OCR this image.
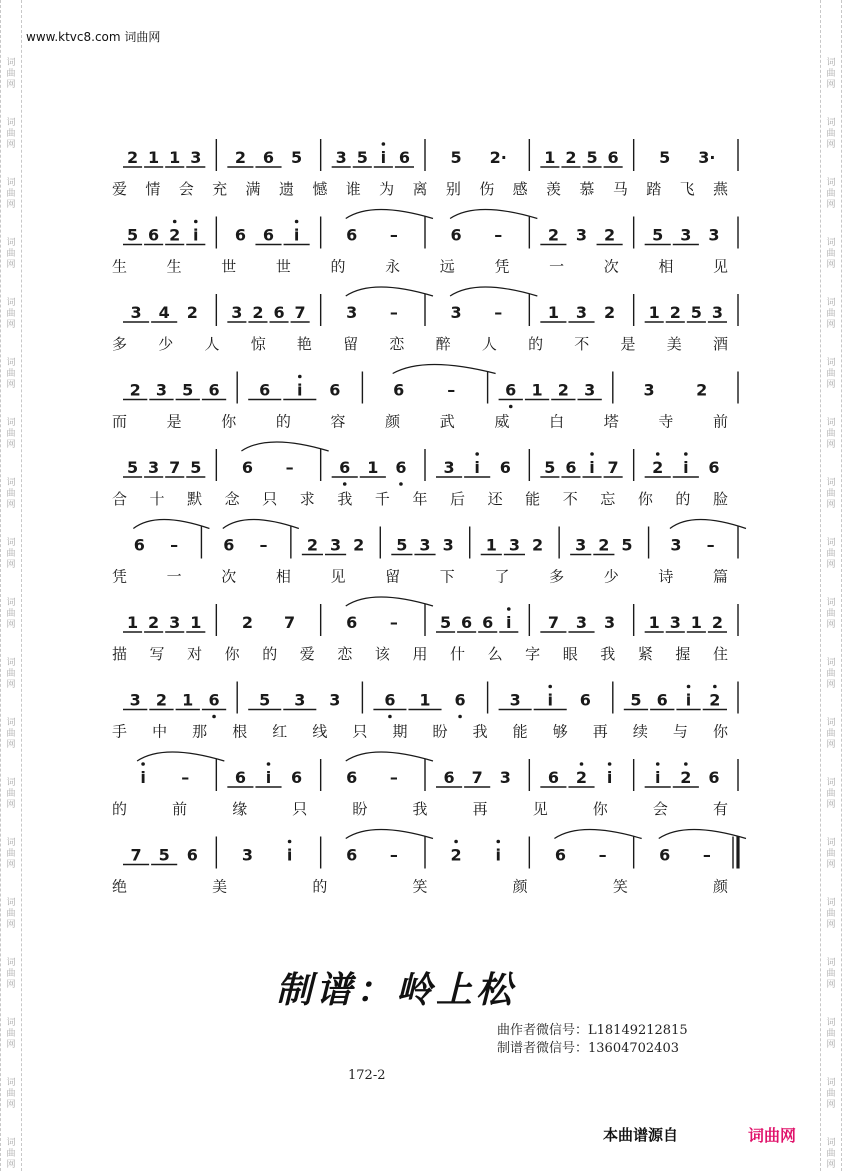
词
曲
网
词
曲
网
词
曲
网
词
曲
网
词
曲
网
词
曲
网
词
曲
网
词
曲
网
词
曲
网
词
曲
网
词
曲
网
词
曲
网
词
曲
网
词
曲
网
词
曲
网
词
曲
网
词
曲
网
词
曲
网
词
曲
网
词
曲
网
词
曲
网
词
曲
网
词
曲
网
词
曲
网
词
曲
网
词
曲
网
词
曲
网
词
曲
网
词
曲
网
词
曲
网
词
曲
网
词
曲
网
词
曲
网
词
曲
网
词
曲
网
词
曲
网
词
曲
网
词
曲
网
www.ktvc8.com 词曲网
2 1 1 3 2 6 5 3 5 i 6	5 2· 1 2 5 6	5 3·
爱情会充满遗憾谁为离别伤感羡慕马踏飞燕
5 6 2 i 6 6 i	6 –	6 –	2 3 2 5 3 3
生生世世的永远凭一次相见
3 4 2 3 2 6 7	3 –	3 –	1 3 2 1 2 5 3
多少人惊艳留恋醉人的不是美酒
2 3 5 6 6 i 6	6	–	6 1 2 3	3	2
而是你的容颜武威白塔寺前
5 3 7 5	6 –	6 1 6 3 i 6 5 6 i 7 2 i 6
合十默念只求我千年后还能不忘你的脸
6 –	6 – 2 3 2 5 3 3 1 3 2 3 2 5 3 –
凭一次相见留下了多少诗篇
1 2 3 1	2 7	6 –	5 6 6 i 7 3 3 1 3 1 2
描写对你的爱恋该用什么字眼我紧握住
3 2 1 6 5 3 3	6 1 6	3 i 6 5 6 i 2
手中那根红线只期盼我能够再续与你
i –	6 i 6	6 –	6 7 3 6 2 i	i 2 6
的前缘只盼我再见你会有
7 5 6	3 i	6 –	2 i	6 –	6 –
绝美的笑颜笑颜
制谱：岭上松
曲作者微信号：L18149212815
制谱者微信号：13604702403
172-2
本曲谱源自	词曲网
